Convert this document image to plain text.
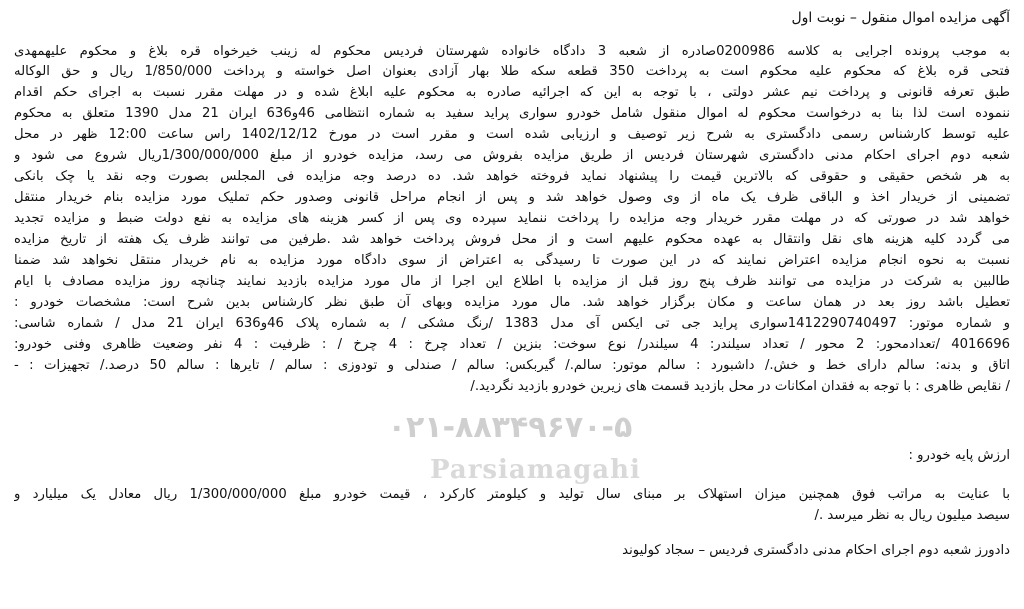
آگهی مزایده اموال منقول – نوبت اول
به موجب پرونده اجرایی به کلاسه 0200986صادره از شعبه 3 دادگاه خانواده شهرستان فردیس محکوم له زینب خیرخواه قره بلاغ و محکوم علیهمهدی
فتحی قره بلاغ که محکوم علیه محکوم است به پرداخت 350 قطعه سکه طلا بهار آزادی بعنوان اصل خواسته و پرداخت 1/850/000 ریال و حق الوکاله
طبق تعرفه قانونی و پرداخت نیم عشر دولتی ، با توجه به این که اجرائیه صادره به محکوم علیه ابلاغ شده و در مهلت مقرر نسبت به اجرای حکم اقدام
ننموده است لذا بنا به درخواست محکوم له اموال منقول شامل خودرو سواری پراید سفید به شماره انتظامی 46و636 ایران 21 مدل 1390 متعلق به محکوم
علیه توسط کارشناس رسمی دادگستری به شرح زیر توصیف و ارزیابی شده است و مقرر است در مورخ 1402/12/12 راس ساعت 12:00 ظهر در محل
شعبه دوم اجرای احکام مدنی دادگستری شهرستان فردیس از طریق مزایده بفروش می رسد، مزایده خودرو از مبلغ 1/300/000/000ریال شروع می شود و
به هر شخص حقیقی و حقوقی که بالاترین قیمت را پیشنهاد نماید فروخته خواهد شد. ده درصد وجه مزایده فی المجلس بصورت وجه نقد یا چک بانکی
تضمینی از خریدار اخذ و الباقی ظرف یک ماه از وی وصول خواهد شد و پس از انجام مراحل قانونی وصدور حکم تملیک مورد مزایده بنام خریدار منتقل
خواهد شد در صورتی که در مهلت مقرر خریدار وجه مزایده را پرداخت ننماید سپرده وی پس از کسر هزینه های مزایده به نفع دولت ضبط و مزایده تجدید
می گردد کلیه هزینه های نقل وانتقال به عهده محکوم علیهم است و از محل فروش پرداخت خواهد شد .طرفین می توانند ظرف یک هفته از تاریخ مزایده
نسبت به نحوه انجام مزایده اعتراض نمایند که در این صورت تا رسیدگی به اعتراض از سوی دادگاه مورد مزایده به نام خریدار منتقل نخواهد شد ضمنا
طالبین به شرکت در مزایده می توانند ظرف پنج روز قبل از مزایده با اطلاع این اجرا از مال مورد مزایده بازدید نمایند چنانچه روز مزایده مصادف با ایام
تعطیل باشد روز بعد در همان ساعت و مکان برگزار خواهد شد. مال مورد مزایده وبهای آن طبق نظر کارشناس بدین شرح است: مشخصات خودرو :
و شماره موتور: 1412290740497سواری پراید جی تی ایکس آی مدل 1383 /رنگ مشکی / به شماره پلاک 46و636 ایران 21 مدل / شماره شاسی:
4016696 /تعدادمحور: 2 محور / تعداد سیلندر: 4 سیلندر/ نوع سوخت: بنزین / تعداد چرخ : 4 چرخ / : ظرفیت : 4 نفر وضعیت ظاهری وفنی خودرو:
اتاق و بدنه: سالم دارای خط و خش./ داشبورد : سالم موتور: سالم./ گیربکس: سالم / صندلی و تودوزی : سالم / تایرها : سالم 50 درصد./ تجهیزات : -
/ نقایص ظاهری : با توجه به فقدان امکانات در محل بازدید قسمت های زیرین خودرو بازدید نگردید./
ارزش پایه خودرو :
با عنایت به مراتب فوق همچنین میزان استهلاک بر مبنای سال تولید و کیلومتر کارکرد ، قیمت خودرو مبلغ 1/300/000/000 ریال معادل یک میلیارد و
سیصد میلیون ریال به نظر میرسد ./
دادورز شعبه دوم اجرای احکام مدنی دادگستری فردیس – سجاد کولیوند
۰۲۱-۸۸۳۴۹۶۷۰-۵
Parsiamagahi
